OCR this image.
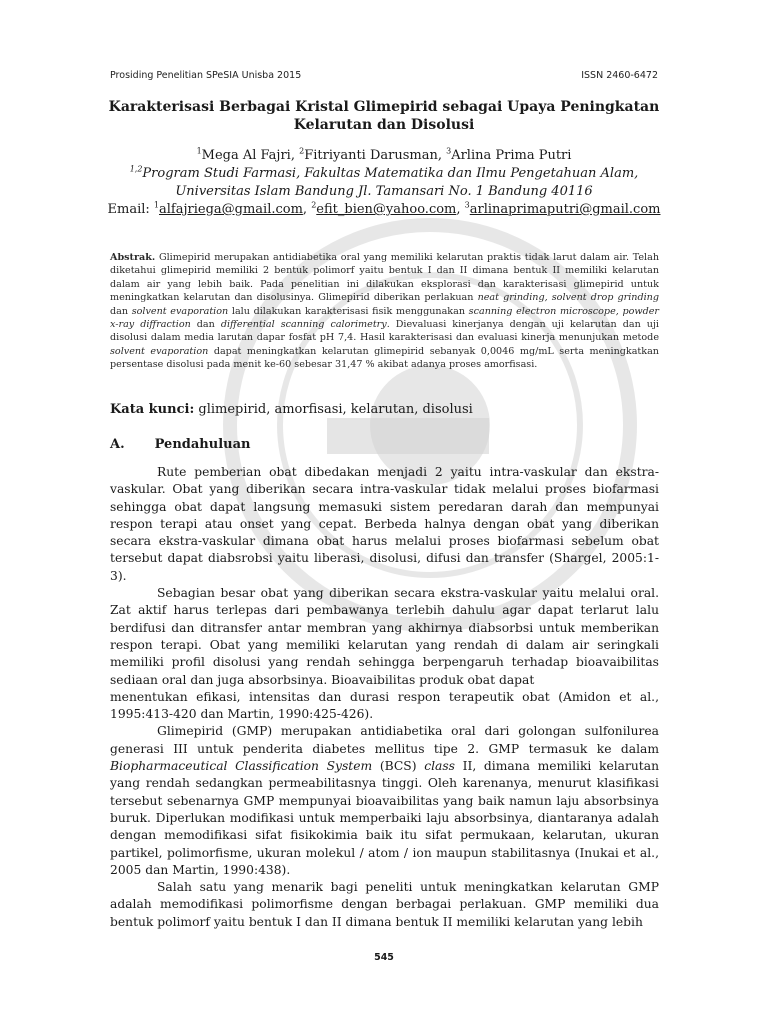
Prosiding Penelitian SPeSIA Unisba 2015	ISSN 2460-6472
Karakterisasi Berbagai Kristal Glimepirid sebagai Upaya Peningkatan Kelarutan dan Disolusi
$^1$Mega Al Fajri, $^2$Fitriyanti Darusman, $^3$Arlina Prima Putri
$^{1,2}$Program Studi Farmasi, Fakultas Matematika dan Ilmu Pengetahuan Alam,
Universitas Islam Bandung Jl. Tamansari No. 1 Bandung 40116
Email: $^1$alfajriega@gmail.com, $^2$efit_bien@yahoo.com, $^3$arlinaprimaputri@gmail.com
Abstrak. Glimepirid merupakan antidiabetika oral yang memiliki kelarutan praktis tidak larut dalam air. Telah diketahui glimepirid memiliki 2 bentuk polimorf yaitu bentuk I dan II dimana bentuk II memiliki kelarutan dalam air yang lebih baik. Pada penelitian ini dilakukan eksplorasi dan karakterisasi glimepirid untuk meningkatkan kelarutan dan disolusinya. Glimepirid diberikan perlakuan neat grinding, solvent drop grinding dan solvent evaporation lalu dilakukan karakterisasi fisik menggunakan scanning electron microscope, powder x-ray diffraction dan differential scanning calorimetry. Dievaluasi kinerjanya dengan uji kelarutan dan uji disolusi dalam media larutan dapar fosfat pH 7,4. Hasil karakterisasi dan evaluasi kinerja menunjukan metode solvent evaporation dapat meningkatkan kelarutan glimepirid sebanyak 0,0046 mg/mL serta meningkatkan persentase disolusi pada menit ke-60 sebesar 31,47 % akibat adanya proses amorfisasi.
Kata kunci: glimepirid, amorfisasi, kelarutan, disolusi
A. Pendahuluan

Rute pemberian obat dibedakan menjadi 2 yaitu intra-vaskular dan ekstra-vaskular. Obat yang diberikan secara intra-vaskular tidak melalui proses biofarmasi sehingga obat dapat langsung memasuki sistem peredaran darah dan mempunyai respon terapi atau onset yang cepat. Berbeda halnya dengan obat yang diberikan secara ekstra-vaskular dimana obat harus melalui proses biofarmasi sebelum obat tersebut dapat diabsrobsi yaitu liberasi, disolusi, difusi dan transfer (Shargel, 2005:1-3).

Sebagian besar obat yang diberikan secara ekstra-vaskular yaitu melalui oral. Zat aktif harus terlepas dari pembawanya terlebih dahulu agar dapat terlarut lalu berdifusi dan ditransfer antar membran yang akhirnya diabsorbsi untuk memberikan respon terapi. Obat yang memiliki kelarutan yang rendah di dalam air seringkali memiliki profil disolusi yang rendah sehingga berpengaruh terhadap bioavaibilitas sediaan oral dan juga absorbsinya. Bioavaibilitas produk obat dapat

menentukan efikasi, intensitas dan durasi respon terapeutik obat (Amidon et al., 1995:413-420 dan Martin, 1990:425-426).

Glimepirid (GMP) merupakan antidiabetika oral dari golongan sulfonilurea generasi III untuk penderita diabetes mellitus tipe 2. GMP termasuk ke dalam Biopharmaceutical Classification System (BCS) class II, dimana memiliki kelarutan yang rendah sedangkan permeabilitasnya tinggi. Oleh karenanya, menurut klasifikasi tersebut sebenarnya GMP mempunyai bioavaibilitas yang baik namun laju absorbsinya buruk. Diperlukan modifikasi untuk memperbaiki laju absorbsinya, diantaranya adalah dengan memodifikasi sifat fisikokimia baik itu sifat permukaan, kelarutan, ukuran partikel, polimorfisme, ukuran molekul / atom / ion maupun stabilitasnya (Inukai et al., 2005 dan Martin, 1990:438).

Salah satu yang menarik bagi peneliti untuk meningkatkan kelarutan GMP adalah memodifikasi polimorfisme dengan berbagai perlakuan. GMP memiliki dua bentuk polimorf yaitu bentuk I dan II dimana bentuk II memiliki kelarutan yang lebih

545
